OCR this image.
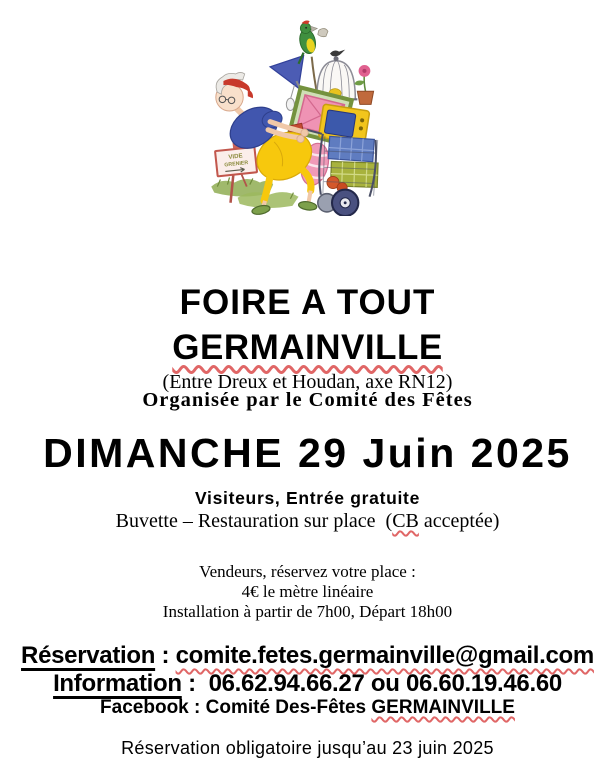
VIDE
GRENIER
FOIRE A TOUT
GERMAINVILLE
(Entre Dreux et Houdan, axe RN12)
Organisée par le Comité des Fêtes
DIMANCHE 29 Juin 2025
Visiteurs, Entrée gratuite
Buvette – Restauration sur place  (CB acceptée)
Vendeurs, réservez votre place :
4€ le mètre linéaire
Installation à partir de 7h00, Départ 18h00
Réservation : comite.fetes.germainville@gmail.com
Information :  06.62.94.66.27 ou 06.60.19.46.60
Facebook : Comité Des-Fêtes GERMAINVILLE
Réservation obligatoire jusqu’au 23 juin 2025
